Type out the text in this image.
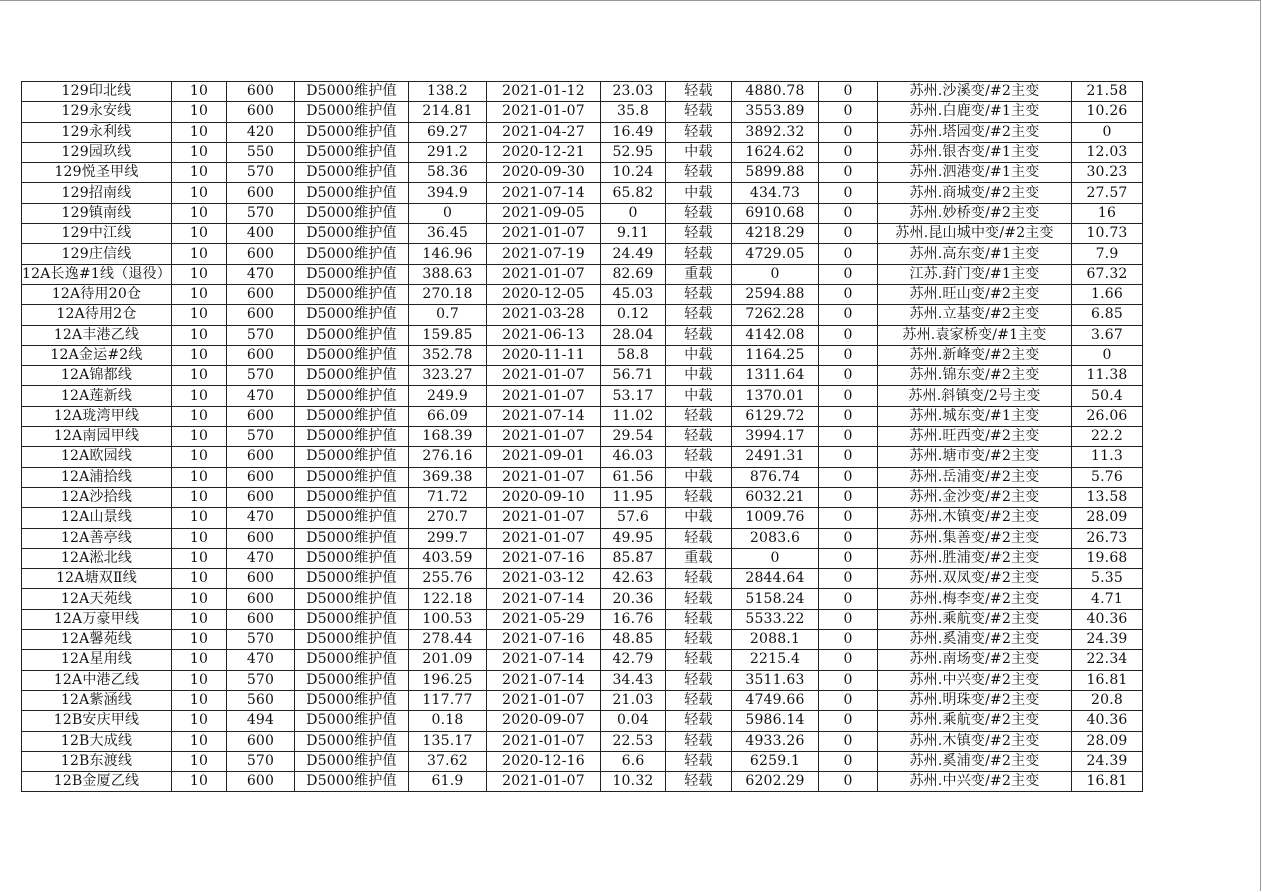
129印北线	10	600	D5000维护值	138.2	2021-01-12	23.03	轻载	4880.78	0	苏州.沙溪变/#2主变	21.58
129永安线	10	600	D5000维护值	214.81	2021-01-07	35.8	轻载	3553.89	0	苏州.白鹿变/#1主变	10.26
129永利线	10	420	D5000维护值	69.27	2021-04-27	16.49	轻载	3892.32	0	苏州.塔园变/#2主变	0
129园玖线	10	550	D5000维护值	291.2	2020-12-21	52.95	中载	1624.62	0	苏州.银杏变/#1主变	12.03
129悦圣甲线	10	570	D5000维护值	58.36	2020-09-30	10.24	轻载	5899.88	0	苏州.泗港变/#1主变	30.23
129招南线	10	600	D5000维护值	394.9	2021-07-14	65.82	中载	434.73	0	苏州.商城变/#2主变	27.57
129镇南线	10	570	D5000维护值	0	2021-09-05	0	轻载	6910.68	0	苏州.妙桥变/#2主变	16
129中江线	10	400	D5000维护值	36.45	2021-01-07	9.11	轻载	4218.29	0	苏州.昆山城中变/#2主变	10.73
129庄信线	10	600	D5000维护值	146.96	2021-07-19	24.49	轻载	4729.05	0	苏州.高东变/#1主变	7.9
12A长逸#1线（退役）	10	470	D5000维护值	388.63	2021-01-07	82.69	重载	0	0	江苏.葑门变/#1主变	67.32
12A待用20仓	10	600	D5000维护值	270.18	2020-12-05	45.03	轻载	2594.88	0	苏州.旺山变/#2主变	1.66
12A待用2仓	10	600	D5000维护值	0.7	2021-03-28	0.12	轻载	7262.28	0	苏州.立基变/#2主变	6.85
12A丰港乙线	10	570	D5000维护值	159.85	2021-06-13	28.04	轻载	4142.08	0	苏州.袁家桥变/#1主变	3.67
12A金运#2线	10	600	D5000维护值	352.78	2020-11-11	58.8	中载	1164.25	0	苏州.新峰变/#2主变	0
12A锦都线	10	570	D5000维护值	323.27	2021-01-07	56.71	中载	1311.64	0	苏州.锦东变/#2主变	11.38
12A莲新线	10	470	D5000维护值	249.9	2021-01-07	53.17	中载	1370.01	0	苏州.斜镇变/2号主变	50.4
12A珑湾甲线	10	600	D5000维护值	66.09	2021-07-14	11.02	轻载	6129.72	0	苏州.城东变/#1主变	26.06
12A南园甲线	10	570	D5000维护值	168.39	2021-01-07	29.54	轻载	3994.17	0	苏州.旺西变/#2主变	22.2
12A欧园线	10	600	D5000维护值	276.16	2021-09-01	46.03	轻载	2491.31	0	苏州.塘市变/#2主变	11.3
12A浦拾线	10	600	D5000维护值	369.38	2021-01-07	61.56	中载	876.74	0	苏州.岳浦变/#2主变	5.76
12A沙拾线	10	600	D5000维护值	71.72	2020-09-10	11.95	轻载	6032.21	0	苏州.金沙变/#2主变	13.58
12A山景线	10	470	D5000维护值	270.7	2021-01-07	57.6	中载	1009.76	0	苏州.木镇变/#2主变	28.09
12A善亭线	10	600	D5000维护值	299.7	2021-01-07	49.95	轻载	2083.6	0	苏州.集善变/#2主变	26.73
12A淞北线	10	470	D5000维护值	403.59	2021-07-16	85.87	重载	0	0	苏州.胜浦变/#2主变	19.68
12A塘双Ⅱ线	10	600	D5000维护值	255.76	2021-03-12	42.63	轻载	2844.64	0	苏州.双凤变/#2主变	5.35
12A天苑线	10	600	D5000维护值	122.18	2021-07-14	20.36	轻载	5158.24	0	苏州.梅李变/#2主变	4.71
12A万豪甲线	10	600	D5000维护值	100.53	2021-05-29	16.76	轻载	5533.22	0	苏州.乘航变/#2主变	40.36
12A馨苑线	10	570	D5000维护值	278.44	2021-07-16	48.85	轻载	2088.1	0	苏州.奚浦变/#2主变	24.39
12A星甪线	10	470	D5000维护值	201.09	2021-07-14	42.79	轻载	2215.4	0	苏州.南场变/#2主变	22.34
12A中港乙线	10	570	D5000维护值	196.25	2021-07-14	34.43	轻载	3511.63	0	苏州.中兴变/#2主变	16.81
12A紫涵线	10	560	D5000维护值	117.77	2021-01-07	21.03	轻载	4749.66	0	苏州.明珠变/#2主变	20.8
12B安庆甲线	10	494	D5000维护值	0.18	2020-09-07	0.04	轻载	5986.14	0	苏州.乘航变/#2主变	40.36
12B大成线	10	600	D5000维护值	135.17	2021-01-07	22.53	轻载	4933.26	0	苏州.木镇变/#2主变	28.09
12B东渡线	10	570	D5000维护值	37.62	2020-12-16	6.6	轻载	6259.1	0	苏州.奚浦变/#2主变	24.39
12B金厦乙线	10	600	D5000维护值	61.9	2021-01-07	10.32	轻载	6202.29	0	苏州.中兴变/#2主变	16.81
